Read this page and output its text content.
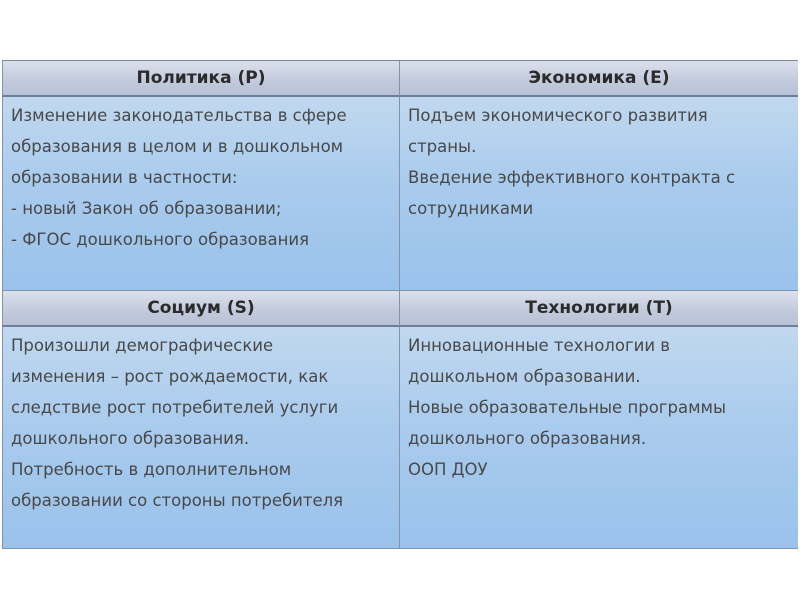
Политика (P)	Экономика (Е)
Изменение законодательства в сфере
образования в целом и в дошкольном
образовании в частности:
- новый Закон об образовании;
- ФГОС дошкольного образования
Подъем экономического развития
страны.
Введение эффективного контракта с
сотрудниками
Социум (S)	Технологии (Т)
Произошли демографические
изменения – рост рождаемости, как
следствие рост потребителей услуги
дошкольного образования.
Потребность в дополнительном
образовании со стороны потребителя
Инновационные технологии в
дошкольном образовании.
Новые образовательные программы
дошкольного образования.
ООП ДОУ
